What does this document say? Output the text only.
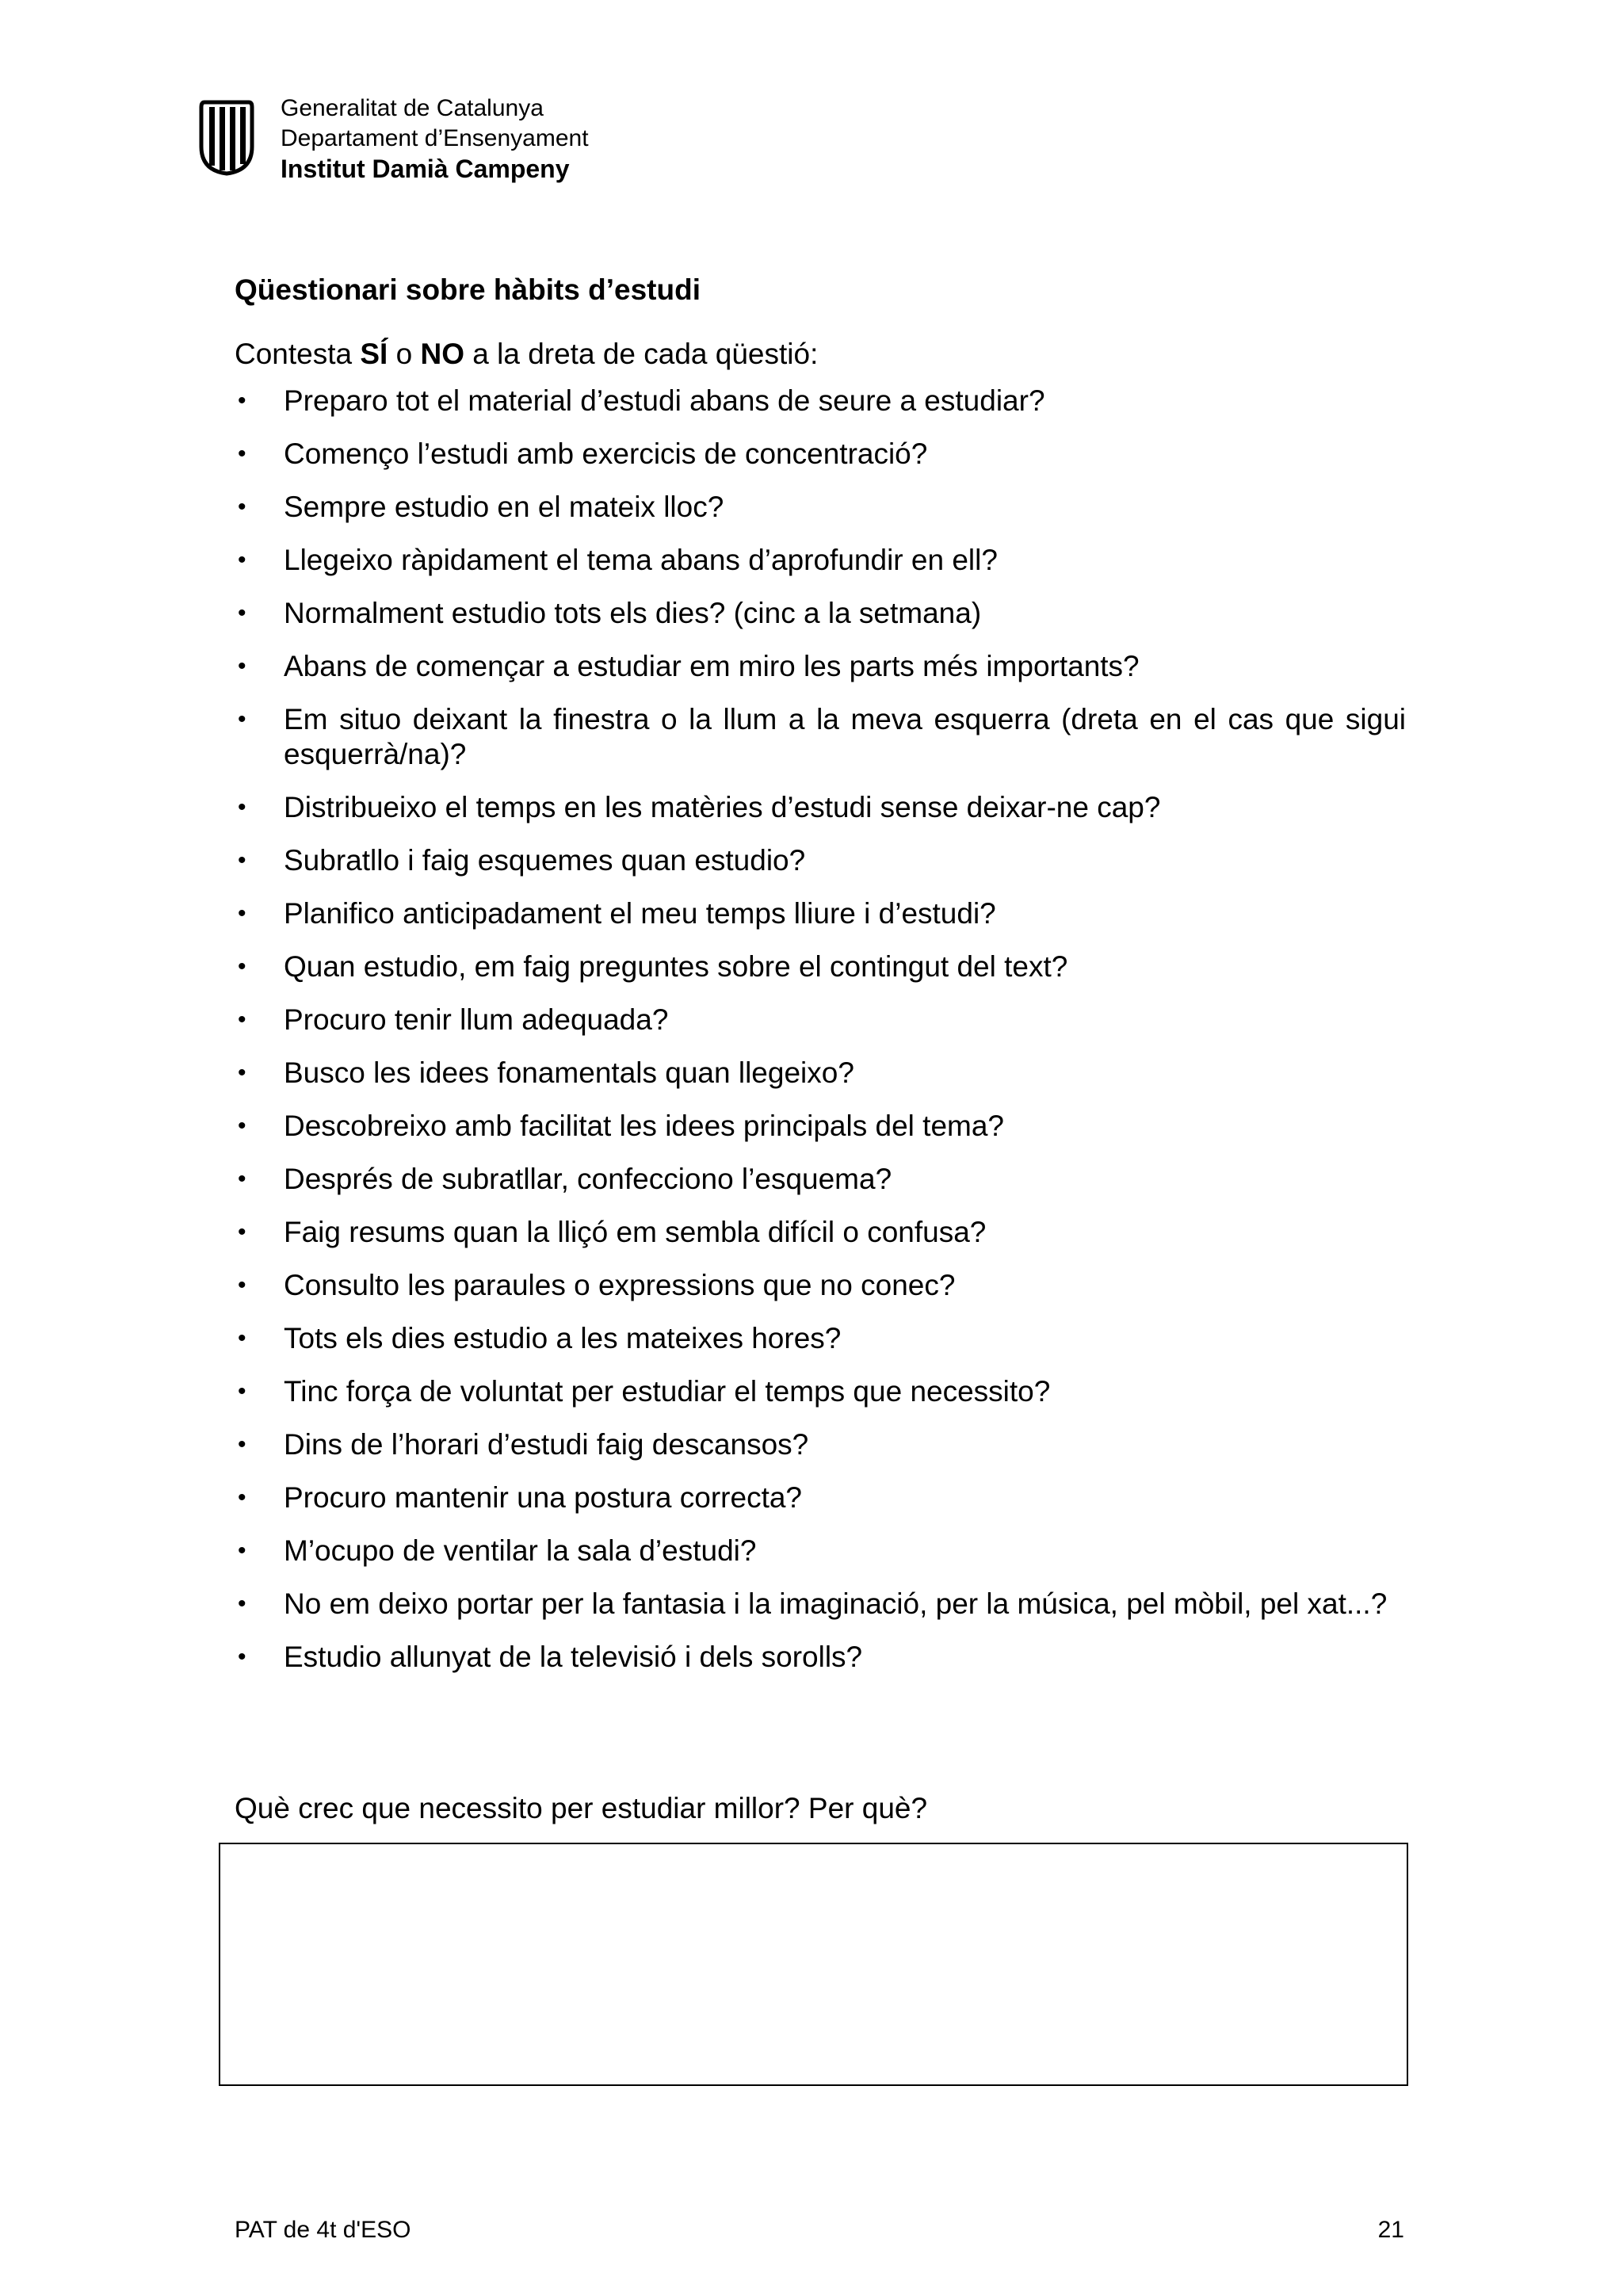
Generalitat de Catalunya
Departament d’Ensenyament
Institut Damià Campeny
Qüestionari sobre hàbits d’estudi
Contesta SÍ o NO a la dreta de cada qüestió:
• Preparo tot el material d’estudi abans de seure a estudiar?
• Començo l’estudi amb exercicis de concentració?
• Sempre estudio en el mateix lloc?
• Llegeixo ràpidament el tema abans d’aprofundir en ell?
• Normalment estudio tots els dies? (cinc a la setmana)
• Abans de començar a estudiar em miro les parts més importants?
• Em situo deixant la finestra o la llum a la meva esquerra (dreta en el cas que sigui esquerrà/na)?
• Distribueixo el temps en les matèries d’estudi sense deixar-ne cap?
• Subratllo i faig esquemes quan estudio?
• Planifico anticipadament el meu temps lliure i d’estudi?
• Quan estudio, em faig preguntes sobre el contingut del text?
• Procuro tenir llum adequada?
• Busco les idees fonamentals quan llegeixo?
• Descobreixo amb facilitat les idees principals del tema?
• Després de subratllar, confecciono l’esquema?
• Faig resums quan la lliçó em sembla difícil o confusa?
• Consulto les paraules o expressions que no conec?
• Tots els dies estudio a les mateixes hores?
• Tinc força de voluntat per estudiar el temps que necessito?
• Dins de l’horari d’estudi faig descansos?
• Procuro mantenir una postura correcta?
• M’ocupo de ventilar la sala d’estudi?
• No em deixo portar per la fantasia i la imaginació, per la música, pel mòbil, pel xat...?
• Estudio allunyat de la televisió i dels sorolls?
Què crec que necessito per estudiar millor? Per què?
PAT de 4t d'ESO	21
